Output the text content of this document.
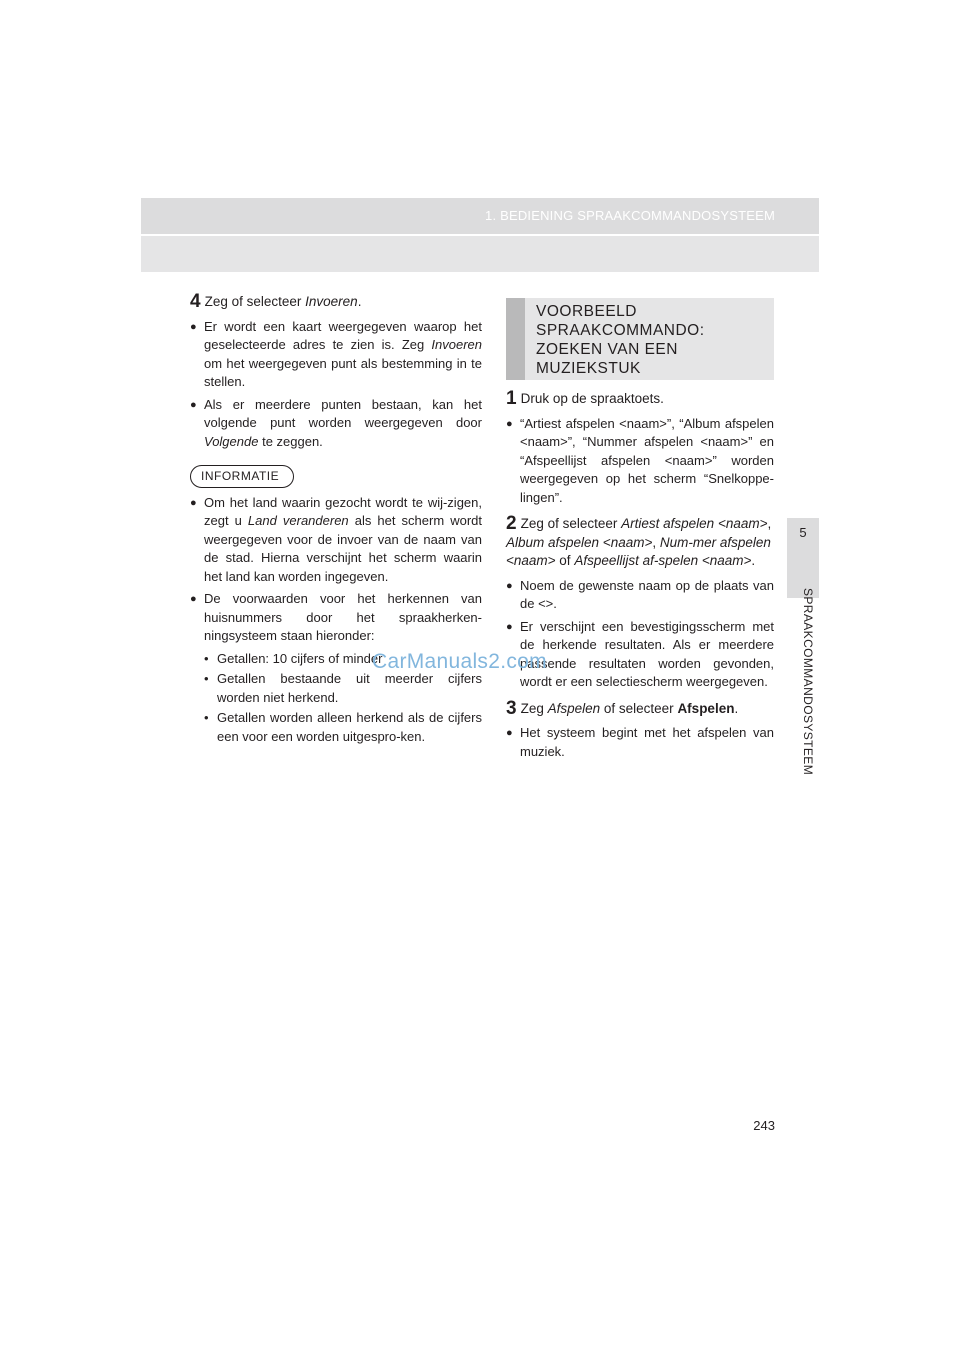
1. BEDIENING SPRAAKCOMMANDOSYSTEEM
5
SPRAAKCOMMANDOSYSTEEM
4 Zeg of selecteer Invoeren.
● Er wordt een kaart weergegeven waarop het geselecteerde adres te zien is. Zeg Invoeren om het weergegeven punt als bestemming in te stellen.
● Als er meerdere punten bestaan, kan het volgende punt worden weergegeven door Volgende te zeggen.
INFORMATIE
● Om het land waarin gezocht wordt te wij-zigen, zegt u Land veranderen als het scherm wordt weergegeven voor de invoer van de naam van de stad. Hierna verschijnt het scherm waarin het land kan worden ingegeven.
● De voorwaarden voor het herkennen van huisnummers door het spraakherken-ningsysteem staan hieronder:
• Getallen: 10 cijfers of minder
• Getallen bestaande uit meerder cijfers worden niet herkend.
• Getallen worden alleen herkend als de cijfers een voor een worden uitgespro-ken.
VOORBEELD SPRAAKCOMMANDO: ZOEKEN VAN EEN MUZIEKSTUK
1 Druk op de spraaktoets.
● “Artiest afspelen <naam>”, “Album afspelen <naam>”, “Nummer afspelen <naam>” en “Afspeellijst afspelen <naam>” worden weergegeven op het scherm “Snelkoppe-lingen”.
2 Zeg of selecteer Artiest afspelen <naam>, Album afspelen <naam>, Num-mer afspelen <naam> of Afspeellijst af-spelen <naam>.
● Noem de gewenste naam op de plaats van de <>.
● Er verschijnt een bevestigingsscherm met de herkende resultaten. Als er meerdere passende resultaten worden gevonden, wordt er een selectiescherm weergegeven.
3 Zeg Afspelen of selecteer Afspelen.
● Het systeem begint met het afspelen van muziek.
CarManuals2.com
243
